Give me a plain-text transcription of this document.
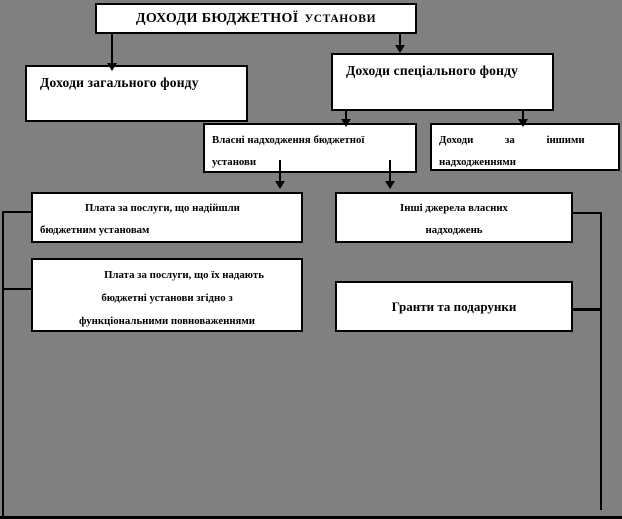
ДОХОДИ БЮДЖЕТНОЇ УСТАНОВИ
Доходи загального фонду
Доходи спеціального фонду
Власні надходження бюджетної
установи
Доходи за іншими
надходженнями
Плата за послуги, що надійшли
бюджетним установам
Інші джерела власних
надходжень
Плата за послуги, що їх надають
бюджетні установи згідно з
функціональними повноваженнями
Гранти та подарунки
